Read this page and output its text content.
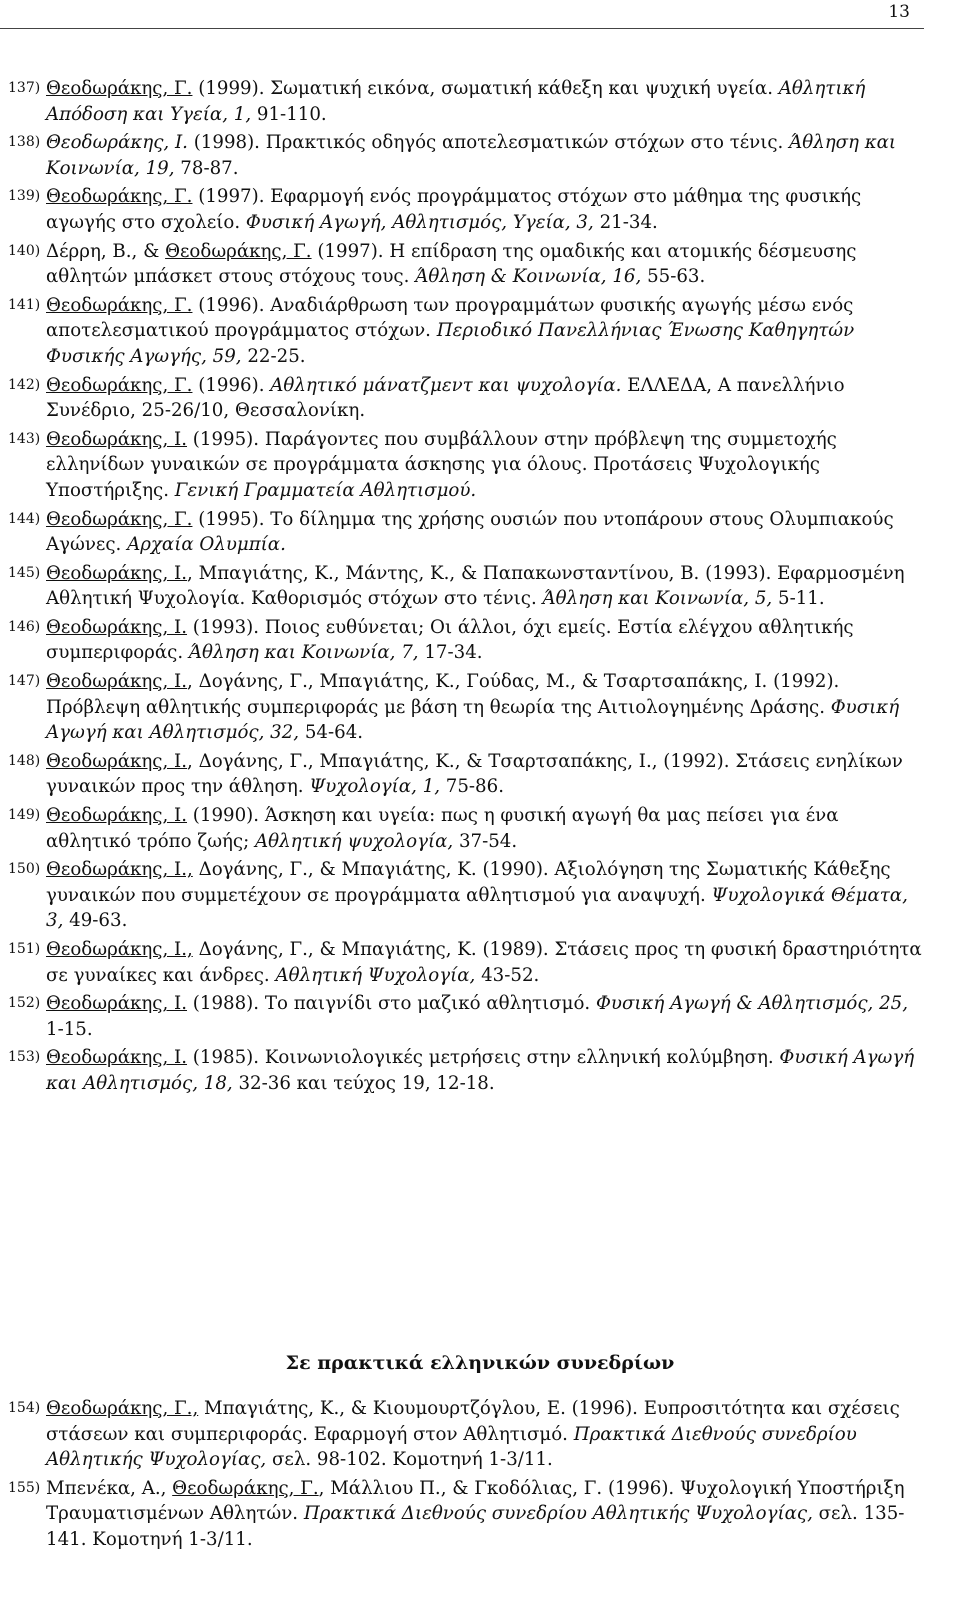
13
137) Θεοδωράκης, Γ. (1999). Σωματική εικόνα, σωματική κάθεξη και ψυχική υγεία. Αθλητική Απόδοση και Υγεία, 1, 91-110.
138) Θεοδωράκης, Ι. (1998). Πρακτικός οδηγός αποτελεσματικών στόχων στο τένις. Άθληση και Κοινωνία, 19, 78-87.
139) Θεοδωράκης, Γ. (1997). Εφαρμογή ενός προγράμματος στόχων στο μάθημα της φυσικής αγωγής στο σχολείο. Φυσική Αγωγή, Αθλητισμός, Υγεία, 3, 21-34.
140) Δέρρη, Β., & Θεοδωράκης, Γ. (1997). Η επίδραση της ομαδικής και ατομικής δέσμευσης αθλητών μπάσκετ στους στόχους τους. Άθληση & Κοινωνία, 16, 55-63.
141) Θεοδωράκης, Γ. (1996). Αναδιάρθρωση των προγραμμάτων φυσικής αγωγής μέσω ενός αποτελεσματικού προγράμματος στόχων. Περιοδικό Πανελλήνιας Ένωσης Καθηγητών Φυσικής Αγωγής, 59, 22-25.
142) Θεοδωράκης, Γ. (1996). Αθλητικό μάνατζμεντ και ψυχολογία. ΕΛΛΕΔΑ, Α πανελλήνιο Συνέδριο, 25-26/10, Θεσσαλονίκη.
143) Θεοδωράκης, Ι. (1995). Παράγοντες που συμβάλλουν στην πρόβλεψη της συμμετοχής ελληνίδων γυναικών σε προγράμματα άσκησης για όλους. Προτάσεις Ψυχολογικής Υποστήριξης. Γενική Γραμματεία Αθλητισμού.
144) Θεοδωράκης, Γ. (1995). Το δίλημμα της χρήσης ουσιών που ντοπάρουν στους Ολυμπιακούς Αγώνες. Αρχαία Ολυμπία.
145) Θεοδωράκης, Ι., Μπαγιάτης, Κ., Μάντης, Κ., & Παπακωνσταντίνου, Β. (1993). Εφαρμοσμένη Αθλητική Ψυχολογία. Καθορισμός στόχων στο τένις. Άθληση και Κοινωνία, 5, 5-11.
146) Θεοδωράκης, Ι. (1993). Ποιος ευθύνεται; Οι άλλοι, όχι εμείς. Εστία ελέγχου αθλητικής συμπεριφοράς. Άθληση και Κοινωνία, 7, 17-34.
147) Θεοδωράκης, Ι., Δογάνης, Γ., Μπαγιάτης, Κ., Γούδας, Μ., & Τσαρτσαπάκης, Ι. (1992). Πρόβλεψη αθλητικής συμπεριφοράς με βάση τη θεωρία της Αιτιολογημένης Δράσης. Φυσική Αγωγή και Αθλητισμός, 32, 54-64.
148) Θεοδωράκης, Ι., Δογάνης, Γ., Μπαγιάτης, Κ., & Τσαρτσαπάκης, Ι., (1992). Στάσεις ενηλίκων γυναικών προς την άθληση. Ψυχολογία, 1, 75-86.
149) Θεοδωράκης, Ι. (1990). Άσκηση και υγεία: πως η φυσική αγωγή θα μας πείσει για ένα αθλητικό τρόπο ζωής; Αθλητική ψυχολογία, 37-54.
150) Θεοδωράκης, Ι., Δογάνης, Γ., & Μπαγιάτης, Κ. (1990). Αξιολόγηση της Σωματικής Κάθεξης γυναικών που συμμετέχουν σε προγράμματα αθλητισμού για αναψυχή. Ψυχολογικά Θέματα, 3, 49-63.
151) Θεοδωράκης, Ι., Δογάνης, Γ., & Μπαγιάτης, Κ. (1989). Στάσεις προς τη φυσική δραστηριότητα σε γυναίκες και άνδρες. Αθλητική Ψυχολογία, 43-52.
152) Θεοδωράκης, Ι. (1988). Το παιγνίδι στο μαζικό αθλητισμό. Φυσική Αγωγή & Αθλητισμός, 25, 1-15.
153) Θεοδωράκης, Ι. (1985). Κοινωνιολογικές μετρήσεις στην ελληνική κολύμβηση. Φυσική Αγωγή και Αθλητισμός, 18, 32-36 και τεύχος 19, 12-18.
Σε πρακτικά ελληνικών συνεδρίων
154) Θεοδωράκης, Γ., Μπαγιάτης, Κ., & Κιουμουρτζόγλου, Ε. (1996). Ευπροσιτότητα και σχέσεις στάσεων και συμπεριφοράς. Εφαρμογή στον Αθλητισμό. Πρακτικά Διεθνούς συνεδρίου Αθλητικής Ψυχολογίας, σελ. 98-102. Κομοτηνή 1-3/11.
155) Μπενέκα, Α., Θεοδωράκης, Γ., Μάλλιου Π., & Γκοδόλιας, Γ. (1996). Ψυχολογική Υποστήριξη Τραυματισμένων Αθλητών. Πρακτικά Διεθνούς συνεδρίου Αθλητικής Ψυχολογίας, σελ. 135-141. Κομοτηνή 1-3/11.
